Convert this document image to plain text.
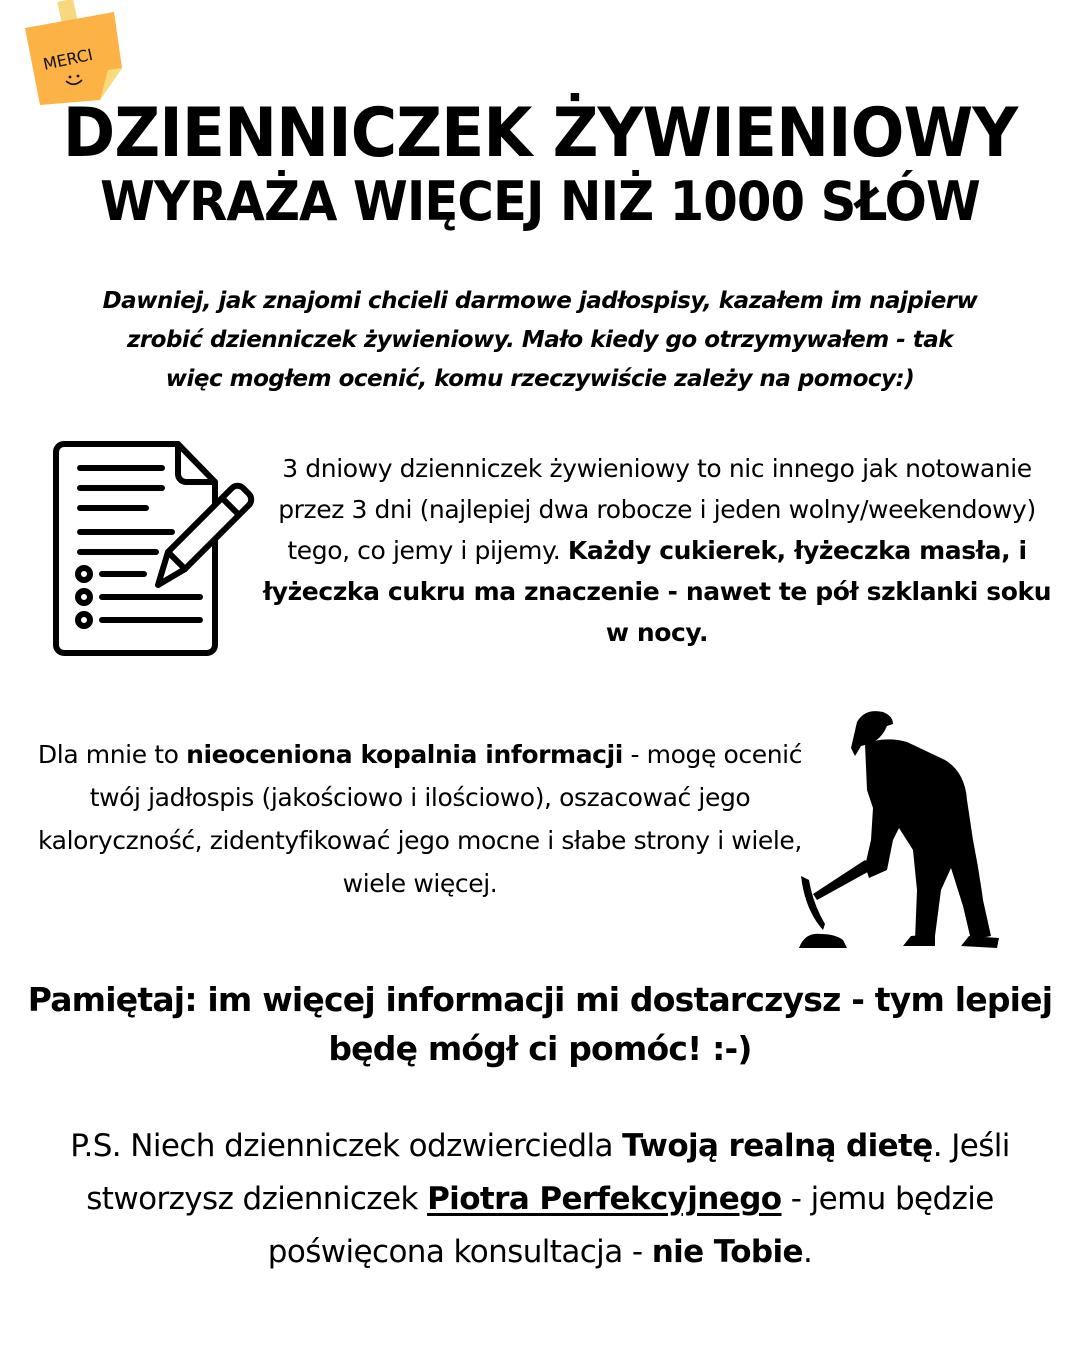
MERCI
DZIENNICZEK ŻYWIENIOWY
WYRAŻA WIĘCEJ NIŻ 1000 SŁÓW
Dawniej, jak znajomi chcieli darmowe jadłospisy, kazałem im najpierw
zrobić dzienniczek żywieniowy. Mało kiedy go otrzymywałem - tak
więc mogłem ocenić, komu rzeczywiście zależy na pomocy:)
3 dniowy dzienniczek żywieniowy to nic innego jak notowanie przez 3 dni (najlepiej dwa robocze i jeden wolny/weekendowy) tego, co jemy i pijemy. Każdy cukierek, łyżeczka masła, i łyżeczka cukru ma znaczenie - nawet te pół szklanki soku w nocy.
Dla mnie to nieoceniona kopalnia informacji - mogę ocenić twój jadłospis (jakościowo i ilościowo), oszacować jego kaloryczność, zidentyfikować jego mocne i słabe strony i wiele, wiele więcej.
Pamiętaj: im więcej informacji mi dostarczysz - tym lepiej będę mógł ci pomóc! :-)
P.S. Niech dzienniczek odzwierciedla Twoją realną dietę. Jeśli stworzysz dzienniczek Piotra Perfekcyjnego - jemu będzie poświęcona konsultacja - nie Tobie.
